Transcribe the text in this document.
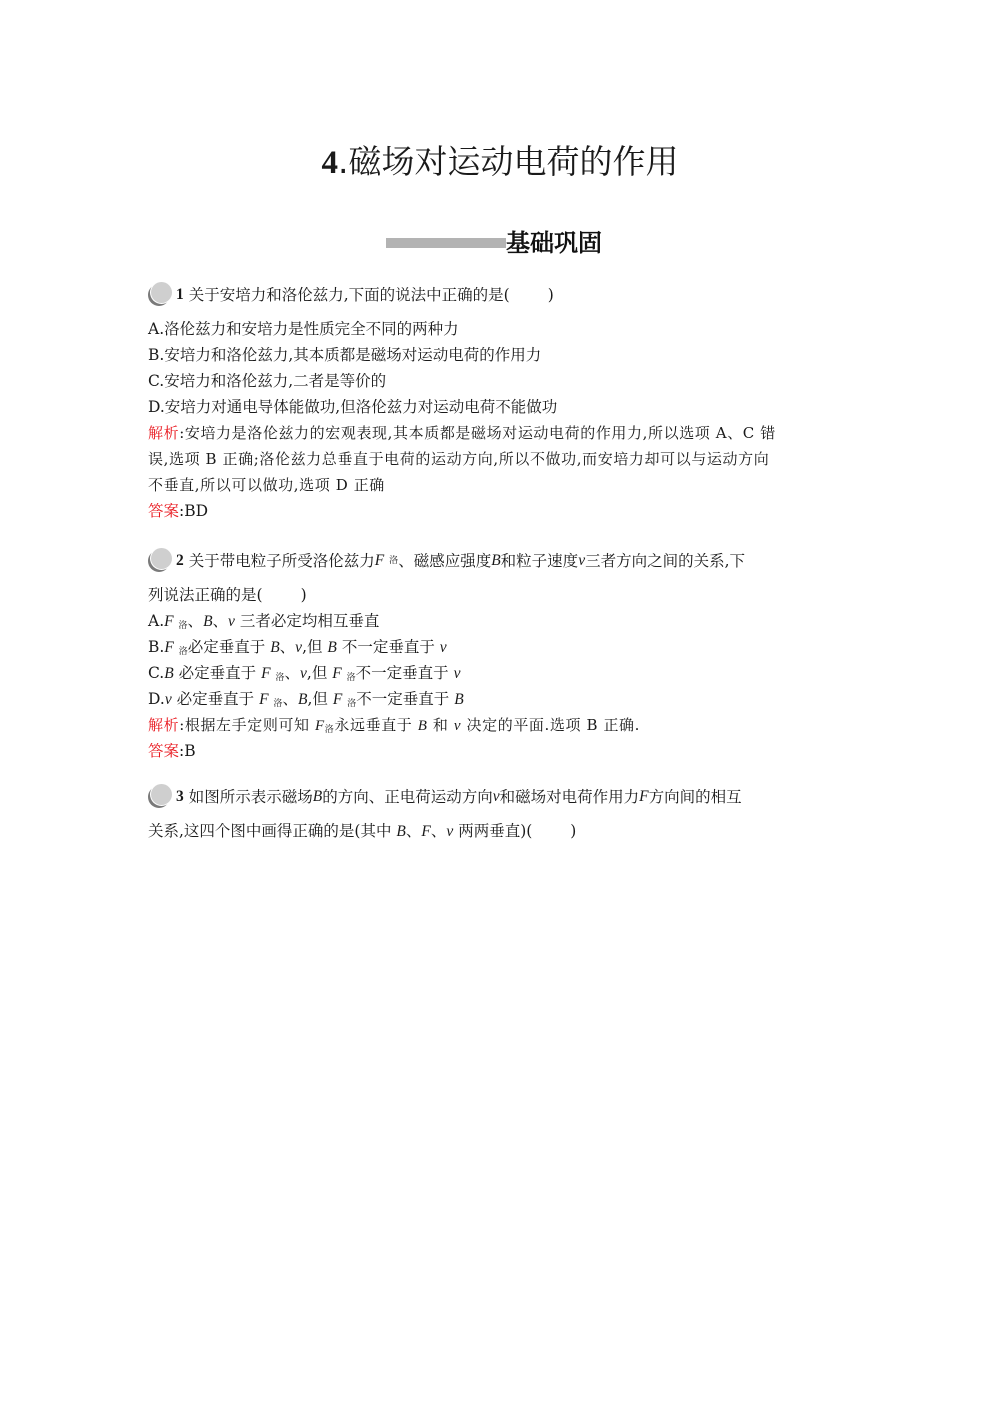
4.磁场对运动电荷的作用
基础巩固
1 关于安培力和洛伦兹力,下面的说法中正确的是( )
A.洛伦兹力和安培力是性质完全不同的两种力
B.安培力和洛伦兹力,其本质都是磁场对运动电荷的作用力
C.安培力和洛伦兹力,二者是等价的
D.安培力对通电导体能做功,但洛伦兹力对运动电荷不能做功
解析:安培力是洛伦兹力的宏观表现,其本质都是磁场对运动电荷的作用力,所以选项 A、C 错
误,选项 B 正确;洛伦兹力总垂直于电荷的运动方向,所以不做功,而安培力却可以与运动方向
不垂直,所以可以做功,选项 D 正确
答案:BD
2 关于带电粒子所受洛伦兹力 F
洛 、磁感应强度 B 和粒子速度 v 三者方向之间的关系,下
列说法正确的是( )
A.F $_洛$、B、v 三者必定均相互垂直
B.F $_洛$必定垂直于 B、v,但 B 不一定垂直于 v
C.B 必定垂直于 F $_洛$、v,但 F $_洛$不一定垂直于 v
D.v 必定垂直于 F $_洛$、B,但 F $_洛$不一定垂直于 B
解析:根据左手定则可知 $F_洛$永远垂直于 B 和 v 决定的平面.选项 B 正确.
答案:B
3 如图所示表示磁场 B 的方向、正电荷运动方向 v 和磁场对电荷作用力 F 方向间的相互
关系,这四个图中画得正确的是(其中 B、F、v 两两垂直)( )
